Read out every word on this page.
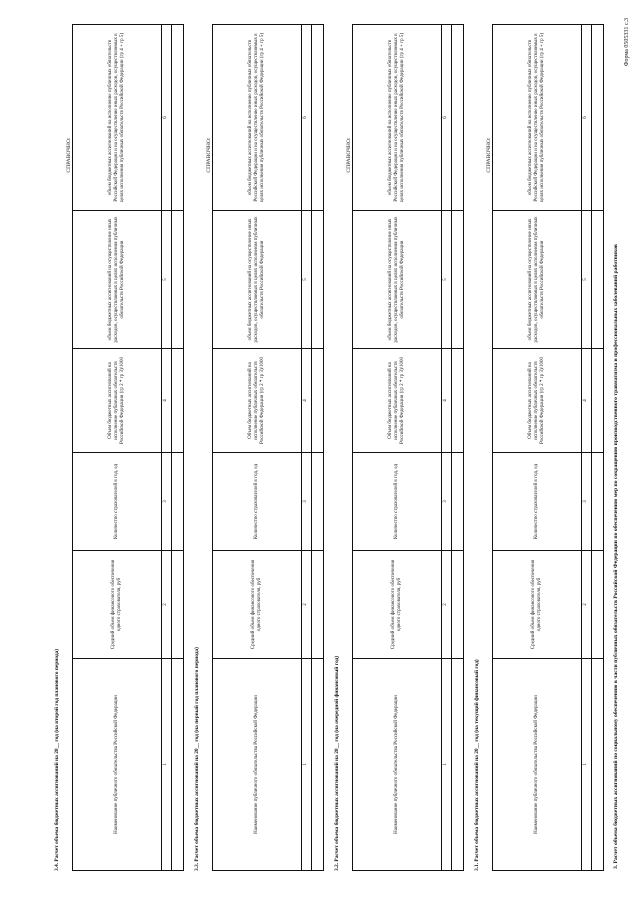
Форма 0505331 с.3
3. Расчет объема бюджетных ассигнований по социальному обеспечению в части публичных обязательств Российской Федерации по обеспечению мер по сокращению производственного травматизма и профессиональных заболеваний работников
3.1. Расчет объема бюджетных ассигнований на 20__ год (на текущий финансовый год)
СПРАВОЧНО:
Наименование публичного обязательства Российской Федерации	Средний объем финансового обеспечения одного страхователя, руб	Количество страхователей в год, ед	Объем бюджетных ассигнований на исполнение публичных обязательств Российской Федерации (гр 2 * гр 3)/1000	объем бюджетных ассигнований на осуществление иных расходов, осуществляемых в целях исполнения публичных обязательств Российской Федерации	объем бюджетных ассигнований на исполнение публичных обязательств Российской Федерации и на осуществление иных расходов, осуществляемых в целях исполнения публичных обязательств Российской Федерации (гр 4 + гр 5)
1	2	3	4	5	6

3.2. Расчет объема бюджетных ассигнований на 20__ год (на очередной финансовый год)
СПРАВОЧНО:
Наименование публичного обязательства Российской Федерации	Средний объем финансового обеспечения одного страхователя, руб	Количество страхователей в год, ед	Объем бюджетных ассигнований на исполнение публичных обязательств Российской Федерации (гр 2 * гр 3)/1000	объем бюджетных ассигнований на осуществление иных расходов, осуществляемых в целях исполнения публичных обязательств Российской Федерации	объем бюджетных ассигнований на исполнение публичных обязательств Российской Федерации и на осуществление иных расходов, осуществляемых в целях исполнения публичных обязательств Российской Федерации (гр 4 + гр 5)
1	2	3	4	5	6

3.3. Расчет объема бюджетных ассигнований на 20__ год (на первый год планового периода)
СПРАВОЧНО:
Наименование публичного обязательства Российской Федерации	Средний объем финансового обеспечения одного страхователя, руб	Количество страхователей в год, ед	Объем бюджетных ассигнований на исполнение публичных обязательств Российской Федерации (гр 2 * гр 3)/1000	объем бюджетных ассигнований на осуществление иных расходов, осуществляемых в целях исполнения публичных обязательств Российской Федерации	объем бюджетных ассигнований на исполнение публичных обязательств Российской Федерации и на осуществление иных расходов, осуществляемых в целях исполнения публичных обязательств Российской Федерации (гр 4 + гр 5)
1	2	3	4	5	6

3.4. Расчет объема бюджетных ассигнований на 20__ год (на второй год планового периода)
СПРАВОЧНО:
Наименование публичного обязательства Российской Федерации	Средний объем финансового обеспечения одного страхователя, руб	Количество страхователей в год, ед	Объем бюджетных ассигнований на исполнение публичных обязательств Российской Федерации (гр 2 * гр 3)/1000	объем бюджетных ассигнований на осуществление иных расходов, осуществляемых в целях исполнения публичных обязательств Российской Федерации	объем бюджетных ассигнований на исполнение публичных обязательств Российской Федерации и на осуществление иных расходов, осуществляемых в целях исполнения публичных обязательств Российской Федерации (гр 4 + гр 5)
1	2	3	4	5	6
